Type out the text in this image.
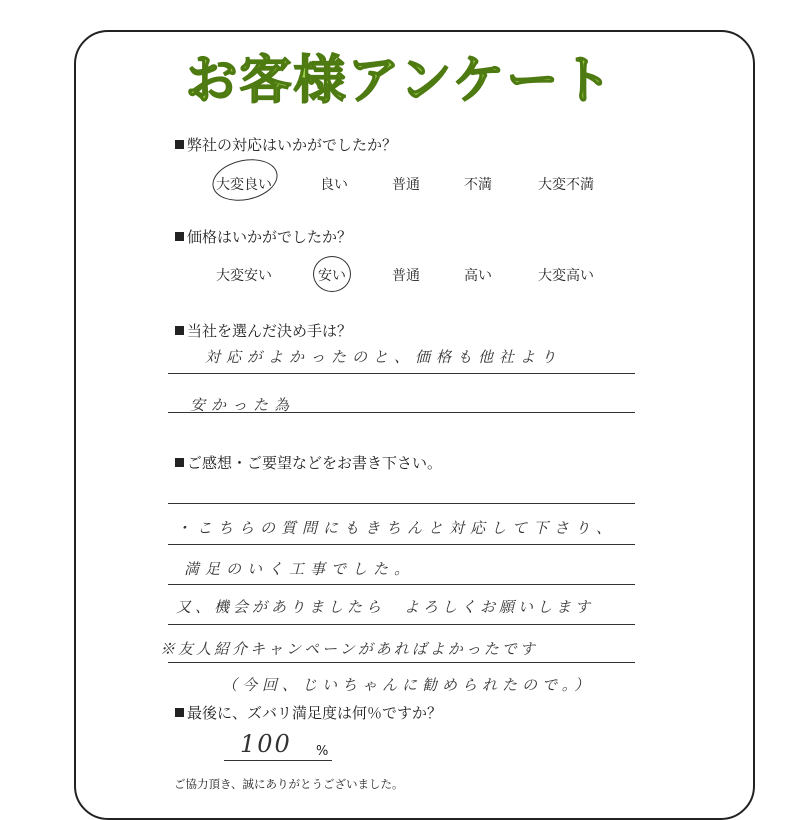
お客様アンケート
弊社の対応はいかがでしたか？
大変良い	良い	普通	不満	大変不満
価格はいかがでしたか？
大変安い	安い	普通	高い	大変高い
当社を選んだ決め手は？
対応がよかったのと、価格も他社より
安かった為
ご感想・ご要望などをお書き下さい。
・こちらの質問にもきちんと対応して下さり、
満足のいく工事でした。
又、機会がありましたら　よろしくお願いします
※友人紹介キャンペーンがあればよかったです
（今回、じいちゃんに勧められたので。）
最後に、ズバリ満足度は何％ですか？
100 %
ご協力頂き、誠にありがとうございました。
